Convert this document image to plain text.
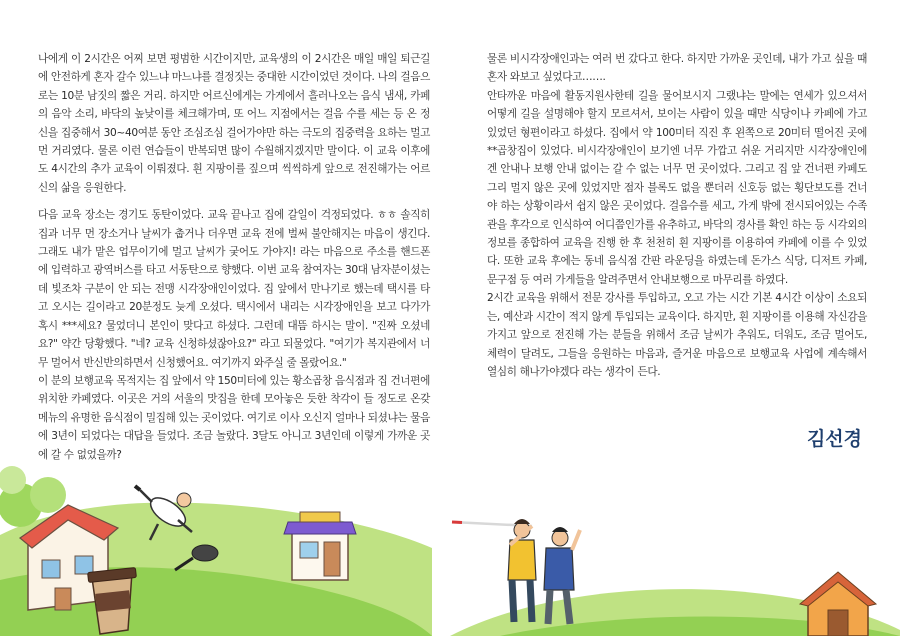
나에게 이 2시간은 어찌 보면 평범한 시간이지만, 교육생의 이 2시간은 매일 매일 퇴근길에 안전하게 혼자 갈수 있느냐 마느냐를 결정짓는 중대한 시간이었던 것이다. 나의 걸음으로는 10분 남짓의 짧은 거리. 하지만 어르신에게는 가게에서 흘러나오는 음식 냄새, 카페의 음악 소리, 바닥의 높낮이를 체크해가며, 또 어느 지점에서는 걸음 수를 세는 등 온 정신을 집중해서 30~40여분 동안 조심조심 걸어가야만 하는 극도의 집중력을 요하는 멀고 먼 거리였다. 물론 이런 연습들이 반복되면 많이 수월해지겠지만 말이다. 이 교육 이후에도 4시간의 추가 교육이 이뤄졌다. 흰 지팡이를 짚으며 씩씩하게 앞으로 전진해가는 어르신의 삶을 응원한다.

다음 교육 장소는 경기도 동탄이었다. 교육 끝나고 집에 갈일이 걱정되었다. ㅎㅎ 솔직히 집과 너무 먼 장소거나 날씨가 춥거나 더우면 교육 전에 벌써 불안해지는 마음이 생긴다. 그래도 내가 맡은 업무이기에 멀고 날씨가 궂어도 가야지! 라는 마음으로 주소를 핸드폰에 입력하고 광역버스를 타고 서동탄으로 향했다. 이번 교육 참여자는 30대 남자분이셨는데 빛조차 구분이 안 되는 전맹 시각장애인이었다. 집 앞에서 만나기로 했는데 택시를 타고 오시는 길이라고 20분정도 늦게 오셨다. 택시에서 내리는 시각장애인을 보고 다가가 혹시 ***세요? 물었더니 본인이 맞다고 하셨다. 그런데 대뜸 하시는 말이. "진짜 오셨네요?" 약간 당황했다. "네? 교육 신청하셨잖아요?" 라고 되물었다. "여기가 복지관에서 너무 멀어서 반신반의하면서 신청했어요. 여기까지 와주실 줄 몰랐어요."

이 분의 보행교육 목적지는 집 앞에서 약 150미터에 있는 황소곱창 음식점과 집 건너편에 위치한 카페였다. 이곳은 거의 서울의 맛집을 한데 모아놓은 듯한 착각이 들 정도로 온갖 메뉴의 유명한 음식점이 밀집해 있는 곳이었다. 여기로 이사 오신지 얼마나 되셨냐는 물음에 3년이 되었다는 대답을 들었다. 조금 놀랐다. 3달도 아니고 3년인데 이렇게 가까운 곳에 갈 수 없었을까?

물론 비시각장애인과는 여러 번 갔다고 한다. 하지만 가까운 곳인데, 내가 가고 싶을 때 혼자 와보고 싶었다고…….

안타까운 마음에 활동지원사한테 길을 물어보시지 그랬냐는 말에는 연세가 있으셔서 어떻게 길을 설명해야 할지 모르셔서, 보이는 사람이 있을 때만 식당이나 카페에 가고 있었던 형편이라고 하셨다. 집에서 약 100미터 직진 후 왼쪽으로 20미터 떨어진 곳에 **곱창집이 있었다. 비시각장애인이 보기엔 너무 가깝고 쉬운 거리지만 시각장애인에겐 안내나 보행 안내 없이는 갈 수 없는 너무 먼 곳이었다. 그리고 집 앞 건너편 카페도 그리 멀지 않은 곳에 있었지만 점자 블록도 없을 뿐더러 신호등 없는 횡단보도를 건너야 하는 상황이라서 쉽지 않은 곳이었다. 걸음수를 세고, 가게 밖에 전시되어있는 수족관을 후각으로 인식하여 어디쯤인가를 유추하고, 바닥의 경사를 확인 하는 등 시각외의 정보를 종합하여 교육을 진행 한 후 천천히 흰 지팡이를 이용하여 카페에 이를 수 있었다. 또한 교육 후에는 동네 음식점 간판 라운딩을 하였는데 돈가스 식당, 디저트 카페, 문구점 등 여러 가게들을 알려주면서 안내보행으로 마무리를 하였다.

2시간 교육을 위해서 전문 강사를 투입하고, 오고 가는 시간 기본 4시간 이상이 소요되는, 예산과 시간이 적지 않게 투입되는 교육이다. 하지만, 흰 지팡이를 이용해 자신감을 가지고 앞으로 전진해 가는 분들을 위해서 조금 날씨가 추워도, 더워도, 조금 멀어도, 체력이 달려도, 그들을 응원하는 마음과, 즐거운 마음으로 보행교육 사업에 계속해서 열심히 해나가야겠다 라는 생각이 든다.

김선경
